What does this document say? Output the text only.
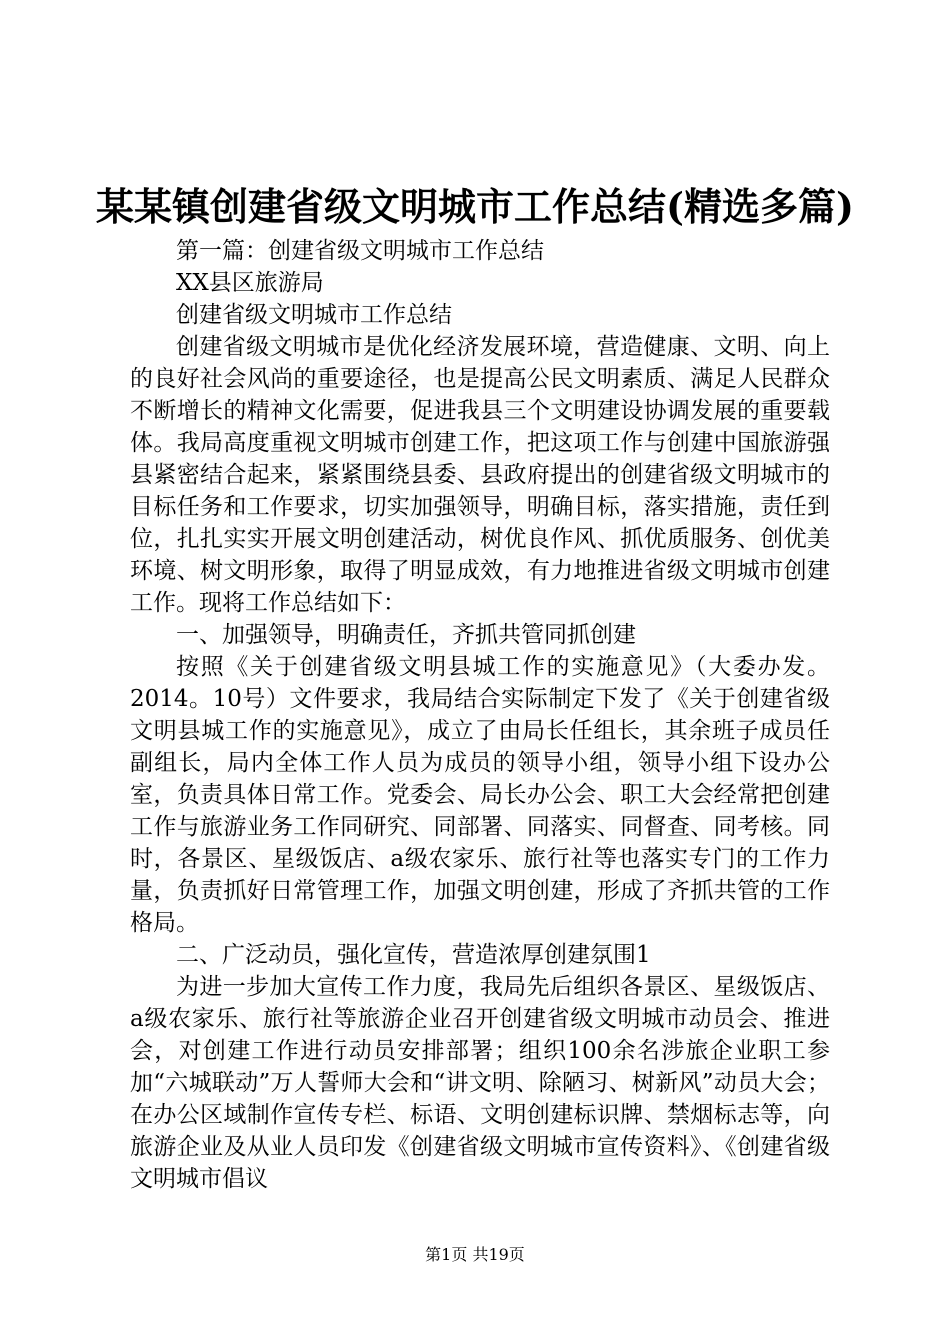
某某镇创建省级文明城市工作总结(精选多篇)

第一篇：创建省级文明城市工作总结

XX县区旅游局

创建省级文明城市工作总结

创建省级文明城市是优化经济发展环境，营造健康、文明、向上的良好社会风尚的重要途径，也是提高公民文明素质、满足人民群众不断增长的精神文化需要，促进我县三个文明建设协调发展的重要载体。我局高度重视文明城市创建工作，把这项工作与创建中国旅游强县紧密结合起来，紧紧围绕县委、县政府提出的创建省级文明城市的目标任务和工作要求，切实加强领导，明确目标，落实措施，责任到位，扎扎实实开展文明创建活动，树优良作风、抓优质服务、创优美环境、树文明形象，取得了明显成效，有力地推进省级文明城市创建工作。现将工作总结如下：

一、加强领导，明确责任，齐抓共管同抓创建

按照《关于创建省级文明县城工作的实施意见》（大委办发。2014。10号）文件要求，我局结合实际制定下发了《关于创建省级文明县城工作的实施意见》，成立了由局长任组长，其余班子成员任副组长，局内全体工作人员为成员的领导小组，领导小组下设办公室，负责具体日常工作。党委会、局长办公会、职工大会经常把创建工作与旅游业务工作同研究、同部署、同落实、同督查、同考核。同时，各景区、星级饭店、a级农家乐、旅行社等也落实专门的工作力量，负责抓好日常管理工作，加强文明创建，形成了齐抓共管的工作格局。

二、广泛动员，强化宣传，营造浓厚创建氛围1

为进一步加大宣传工作力度，我局先后组织各景区、星级饭店、a级农家乐、旅行社等旅游企业召开创建省级文明城市动员会、推进会，对创建工作进行动员安排部署；组织100余名涉旅企业职工参加“六城联动”万人誓师大会和“讲文明、除陋习、树新风”动员大会；在办公区域制作宣传专栏、标语、文明创建标识牌、禁烟标志等，向旅游企业及从业人员印发《创建省级文明城市宣传资料》、《创建省级文明城市倡议

第1页 共19页
